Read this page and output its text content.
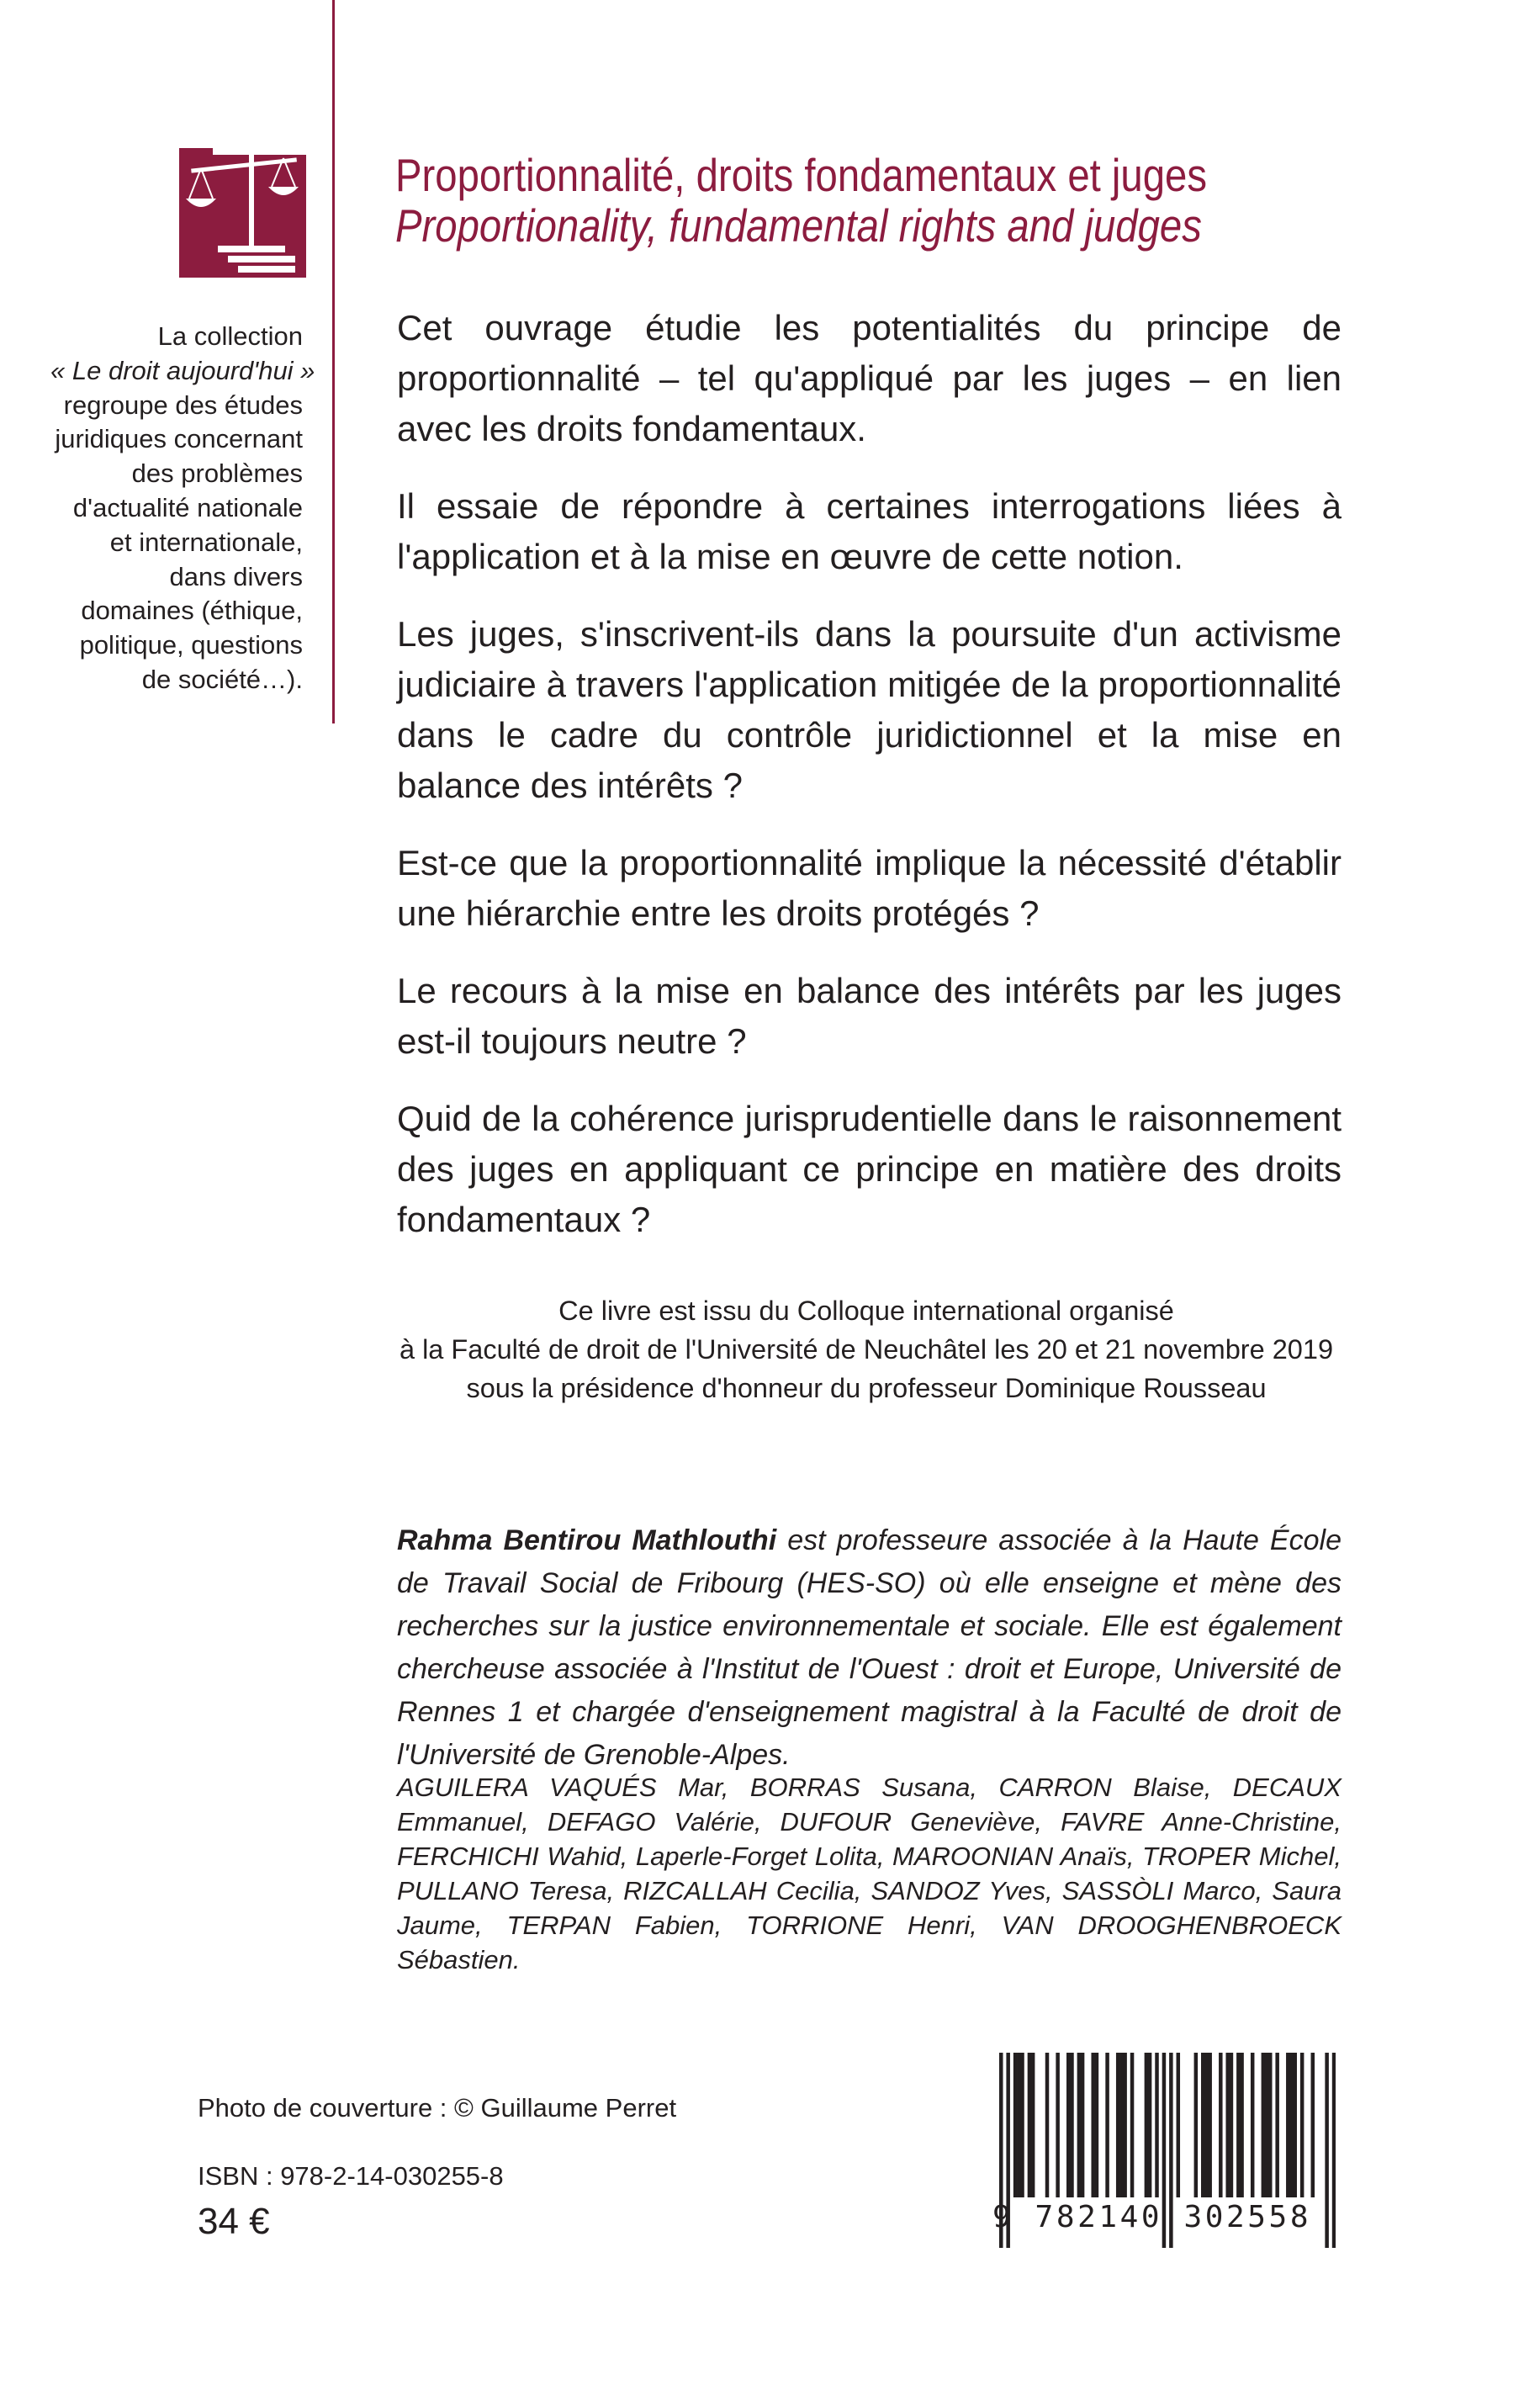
Proportionnalité, droits fondamentaux et juges
Proportionality, fundamental rights and judges
La collection
« Le droit aujourd'hui »
regroupe des études
juridiques concernant
des problèmes
d'actualité nationale
et internationale,
dans divers
domaines (éthique,
politique, questions
de société…).

Cet ouvrage étudie les potentialités du principe de proportionnalité – tel qu'appliqué par les juges – en lien avec les droits fondamentaux.

Il essaie de répondre à certaines interrogations liées à l'application et à la mise en œuvre de cette notion.

Les juges, s'inscrivent-ils dans la poursuite d'un activisme judiciaire à travers l'application mitigée de la proportionnalité dans le cadre du contrôle juridictionnel et la mise en balance des intérêts ?

Est-ce que la proportionnalité implique la nécessité d'établir une hiérarchie entre les droits protégés ?

Le recours à la mise en balance des intérêts par les juges est-il toujours neutre ?

Quid de la cohérence jurisprudentielle dans le raisonnement des juges en appliquant ce principe en matière des droits fondamentaux ?

Ce livre est issu du Colloque international organisé
à la Faculté de droit de l'Université de Neuchâtel les 20 et 21 novembre 2019
sous la présidence d'honneur du professeur Dominique Rousseau
Rahma Bentirou Mathlouthi est professeure associée à la Haute École de Travail Social de Fribourg (HES-SO) où elle enseigne et mène des recherches sur la justice environnementale et sociale. Elle est également chercheuse associée à l'Institut de l'Ouest : droit et Europe, Université de Rennes 1 et chargée d'enseignement magistral à la Faculté de droit de l'Université de Grenoble-Alpes.
AGUILERA VAQUÉS Mar, BORRAS Susana, CARRON Blaise, DECAUX Emmanuel, DEFAGO Valérie, DUFOUR Geneviève, FAVRE Anne-Christine, FERCHICHI Wahid, Laperle-Forget Lolita, MAROONIAN Anaïs, TROPER Michel, PULLANO Teresa, RIZCALLAH Cecilia, SANDOZ Yves, SASSÒLI Marco, Saura Jaume, TERPAN Fabien, TORRIONE Henri, VAN DROOGHENBROECK Sébastien.
Photo de couverture : © Guillaume Perret
ISBN : 978-2-14-030255-8
34 €	9 782140 302558
